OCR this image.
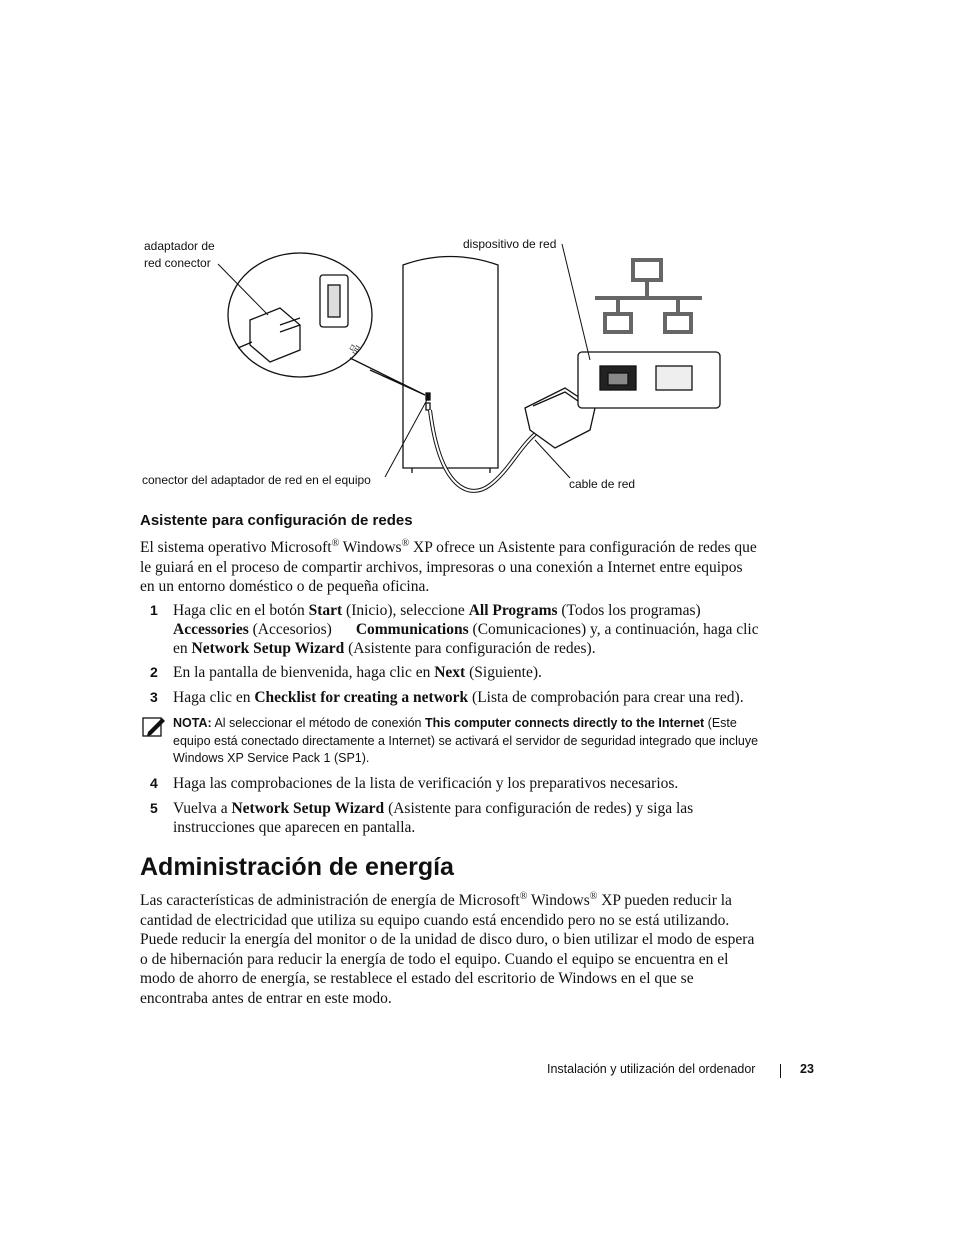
品
adaptador de
red conector
dispositivo de red
conector del adaptador de red en el equipo	cable de red
Asistente para configuración de redes
El sistema operativo Microsoft® Windows® XP ofrece un Asistente para configuración de redes que le guiará en el proceso de compartir archivos, impresoras o una conexión a Internet entre equipos en un entorno doméstico o de pequeña oficina.
1 Haga clic en el botón Start (Inicio), seleccione All Programs (Todos los programas) Accessories (Accesorios) Communications (Comunicaciones) y, a continuación, haga clic en Network Setup Wizard (Asistente para configuración de redes).
2 En la pantalla de bienvenida, haga clic en Next (Siguiente).
3 Haga clic en Checklist for creating a network (Lista de comprobación para crear una red).
NOTA: Al seleccionar el método de conexión This computer connects directly to the Internet (Este equipo está conectado directamente a Internet) se activará el servidor de seguridad integrado que incluye Windows XP Service Pack 1 (SP1).
4 Haga las comprobaciones de la lista de verificación y los preparativos necesarios.
5 Vuelva a Network Setup Wizard (Asistente para configuración de redes) y siga las instrucciones que aparecen en pantalla.
Administración de energía
Las características de administración de energía de Microsoft® Windows® XP pueden reducir la cantidad de electricidad que utiliza su equipo cuando está encendido pero no se está utilizando. Puede reducir la energía del monitor o de la unidad de disco duro, o bien utilizar el modo de espera o de hibernación para reducir la energía de todo el equipo. Cuando el equipo se encuentra en el modo de ahorro de energía, se restablece el estado del escritorio de Windows en el que se encontraba antes de entrar en este modo.
Instalación y utilización del ordenador	23
